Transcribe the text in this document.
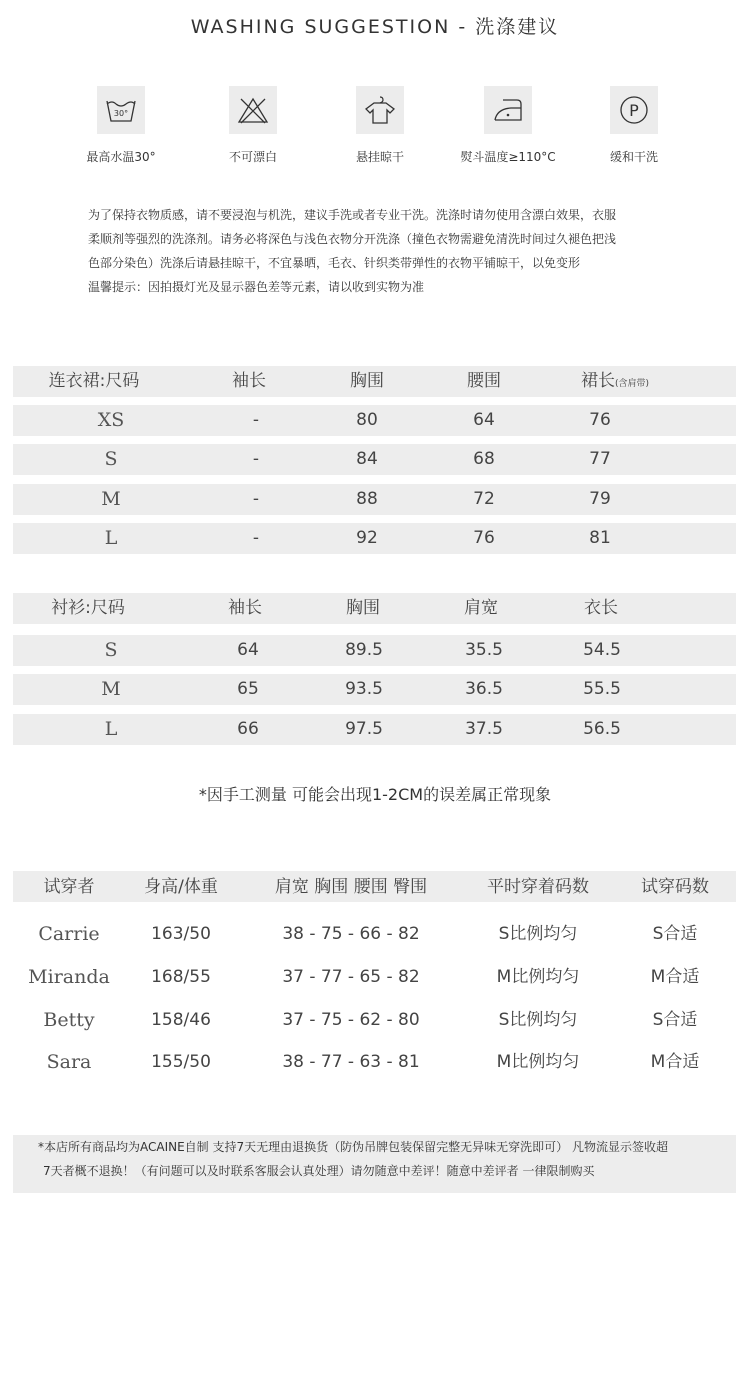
WASHING SUGGESTION - 洗涤建议
30°
最高水温30°	不可漂白	悬挂晾干	熨斗温度≥110°C
P
缓和干洗

为了保持衣物质感，请不要浸泡与机洗，建议手洗或者专业干洗。洗涤时请勿使用含漂白效果，衣服

柔顺剂等强烈的洗涤剂。请务必将深色与浅色衣物分开洗涤（撞色衣物需避免清洗时间过久褪色把浅

色部分染色）洗涤后请悬挂晾干，不宜暴晒，毛衣、针织类带弹性的衣物平铺晾干，以免变形

温馨提示：因拍摄灯光及显示器色差等元素，请以收到实物为准

连衣裙:尺码	袖长	胸围	腰围	裙长(含肩带)
XS	-	80	64	76
S	-	84	68	77
M	-	88	72	79
L	-	92	76	81
衬衫:尺码	袖长	胸围	肩宽	衣长
S	64	89.5	35.5	54.5
M	65	93.5	36.5	55.5
L	66	97.5	37.5	56.5
*因手工测量 可能会出现1-2CM的误差属正常现象
试穿者	身高/体重	肩宽 胸围 腰围 臀围	平时穿着码数	试穿码数
Carrie	163/50	38 - 75 - 66 - 82	S比例均匀	S合适
Miranda	168/55	37 - 77 - 65 - 82	M比例均匀	M合适
Betty	158/46	37 - 75 - 62 - 80	S比例均匀	S合适
Sara	155/50	38 - 77 - 63 - 81	M比例均匀	M合适

*本店所有商品均为ACAINE自制 支持7天无理由退换货（防伪吊牌包装保留完整无异味无穿洗即可） 凡物流显示签收超

7天者概不退换！（有问题可以及时联系客服会认真处理）请勿随意中差评！随意中差评者 一律限制购买
